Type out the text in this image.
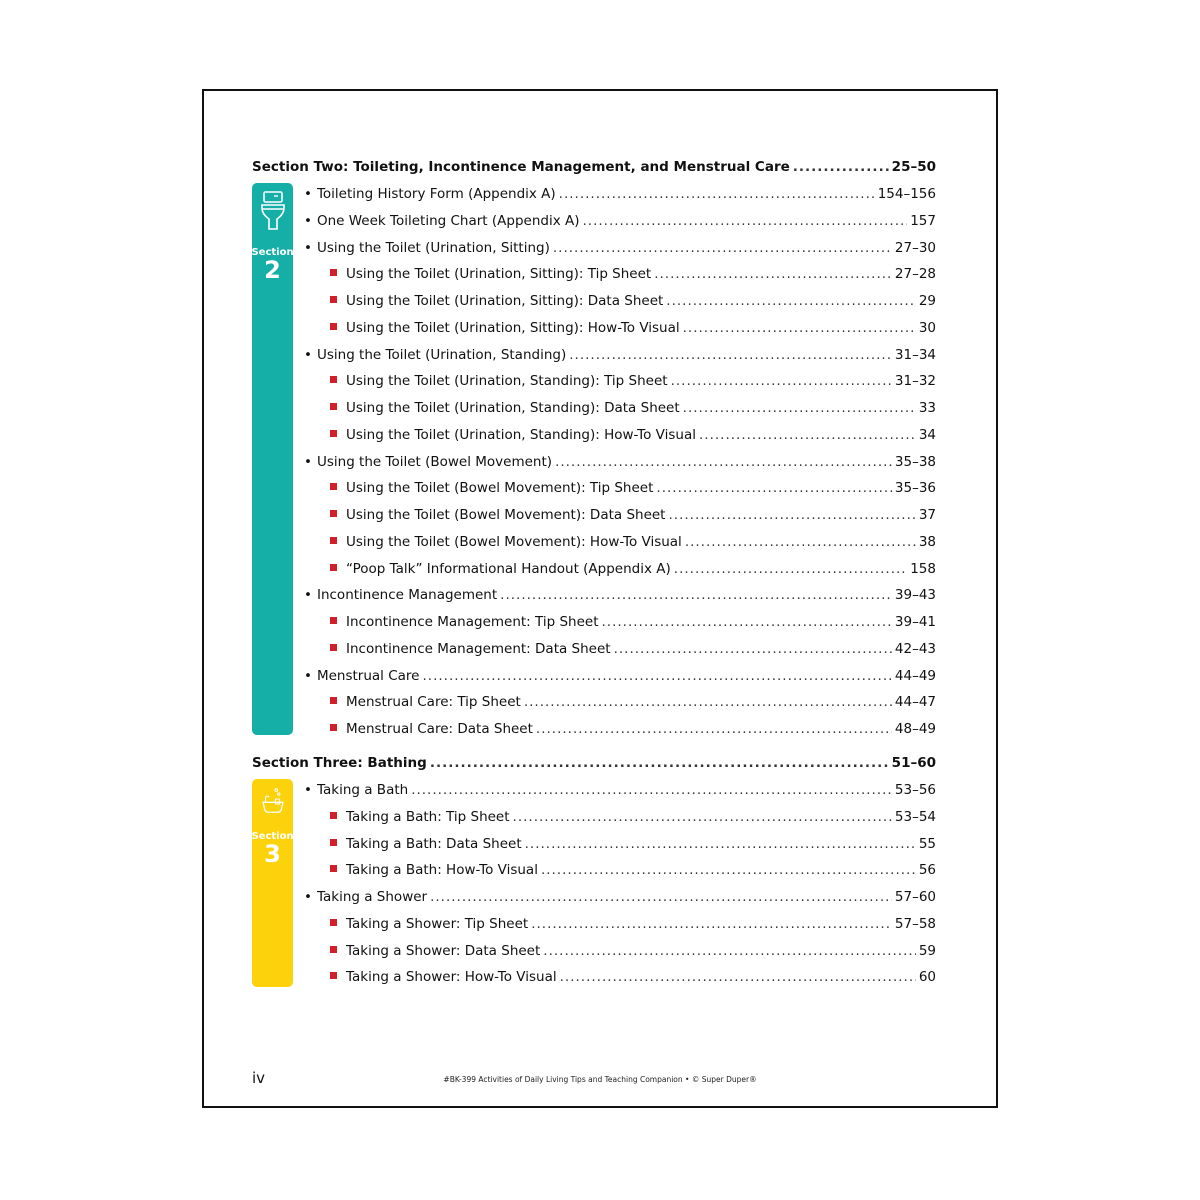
Section Two: Toileting, Incontinence Management, and Menstrual Care .....	25–50
Section
2
• Toileting History Form (Appendix A) .....	154–156
• One Week Toileting Chart (Appendix A) .....	157
• Using the Toilet (Urination, Sitting) .....	27–30
Using the Toilet (Urination, Sitting): Tip Sheet .....	27–28
Using the Toilet (Urination, Sitting): Data Sheet .....	29
Using the Toilet (Urination, Sitting): How-To Visual .....	30
• Using the Toilet (Urination, Standing) .....	31–34
Using the Toilet (Urination, Standing): Tip Sheet .....	31–32
Using the Toilet (Urination, Standing): Data Sheet .....	33
Using the Toilet (Urination, Standing): How-To Visual .....	34
• Using the Toilet (Bowel Movement) .....	35–38
Using the Toilet (Bowel Movement): Tip Sheet .....	35–36
Using the Toilet (Bowel Movement): Data Sheet .....	37
Using the Toilet (Bowel Movement): How-To Visual .....	38
“Poop Talk” Informational Handout (Appendix A) .....	158
• Incontinence Management .....	39–43
Incontinence Management: Tip Sheet .....	39–41
Incontinence Management: Data Sheet .....	42–43
• Menstrual Care .....	44–49
Menstrual Care: Tip Sheet .....	44–47
Menstrual Care: Data Sheet .....	48–49
Section Three: Bathing .....	51–60
Section
3
• Taking a Bath .....	53–56
Taking a Bath: Tip Sheet .....	53–54
Taking a Bath: Data Sheet .....	55
Taking a Bath: How-To Visual .....	56
• Taking a Shower .....	57–60
Taking a Shower: Tip Sheet .....	57–58
Taking a Shower: Data Sheet .....	59
Taking a Shower: How-To Visual .....	60
iv	#BK-399 Activities of Daily Living Tips and Teaching Companion • © Super Duper®
